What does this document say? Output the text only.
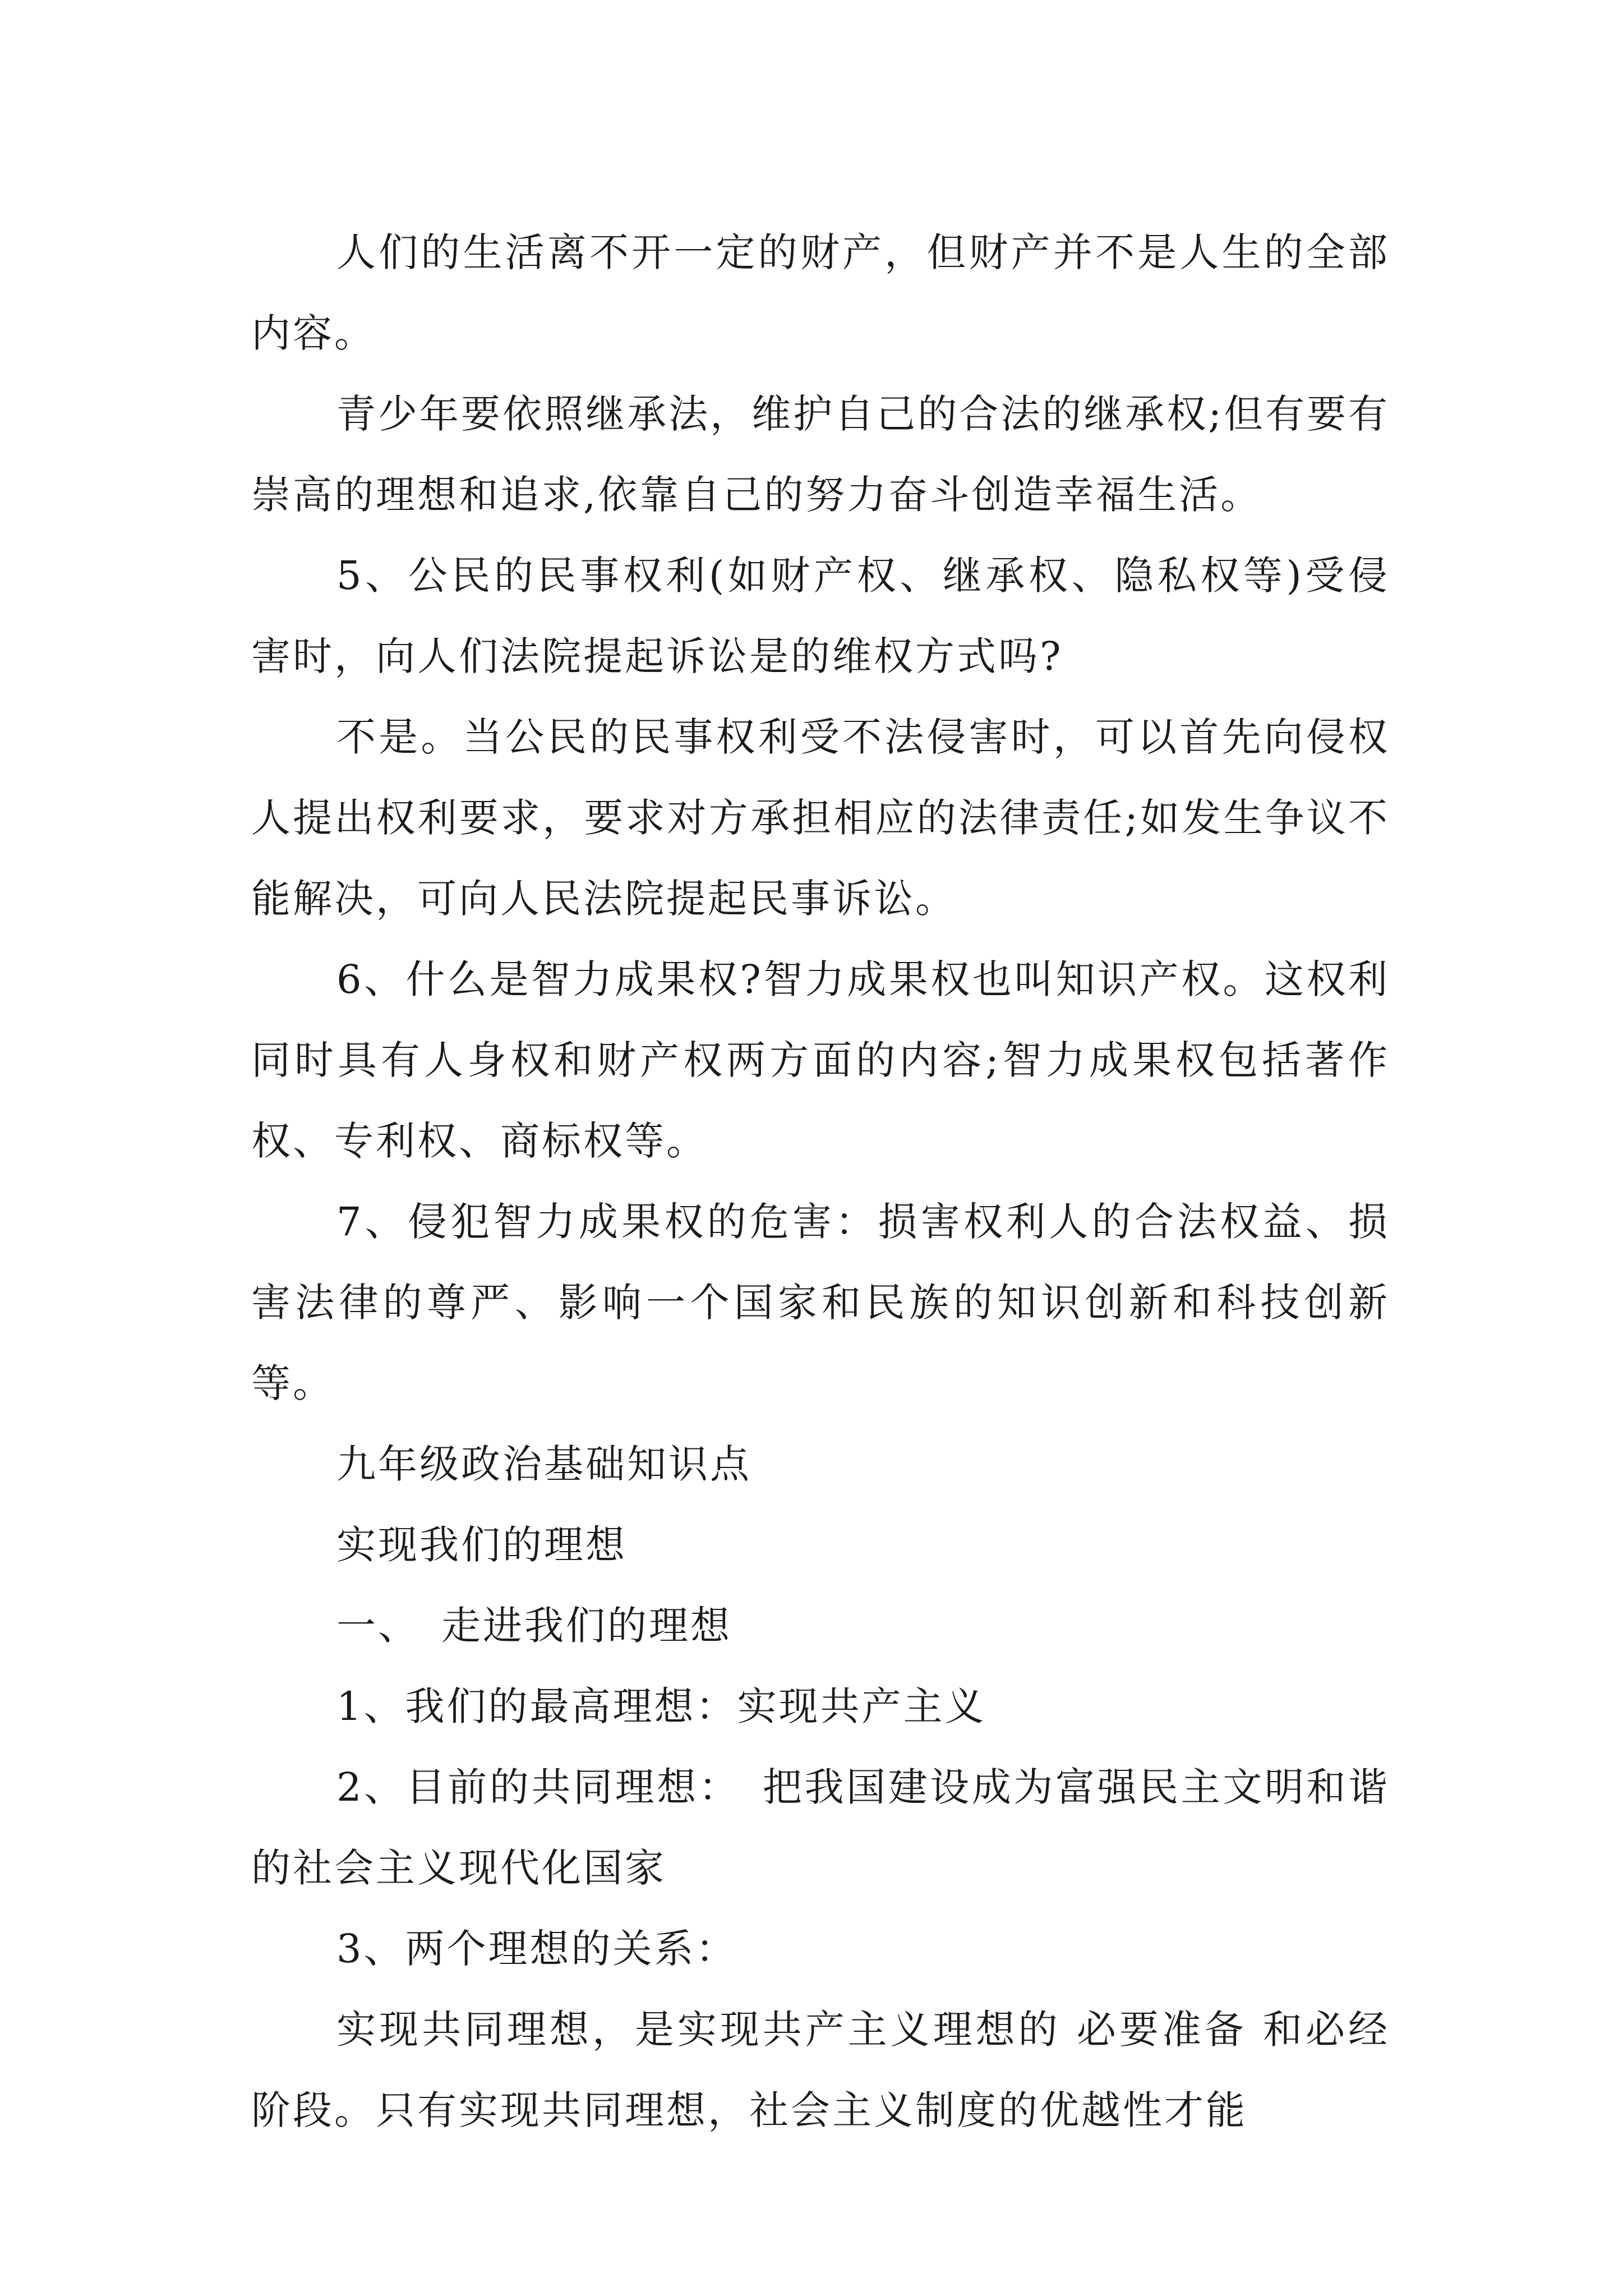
人们的生活离不开一定的财产，但财产并不是人生的全部内容。

青少年要依照继承法，维护自己的合法的继承权;但有要有崇高的理想和追求,依靠自己的努力奋斗创造幸福生活。

5、公民的民事权利(如财产权、继承权、隐私权等)受侵害时，向人们法院提起诉讼是的维权方式吗?

不是。当公民的民事权利受不法侵害时，可以首先向侵权人提出权利要求，要求对方承担相应的法律责任;如发生争议不能解决，可向人民法院提起民事诉讼。

6、什么是智力成果权?智力成果权也叫知识产权。这权利同时具有人身权和财产权两方面的内容;智力成果权包括著作权、专利权、商标权等。

7、侵犯智力成果权的危害：损害权利人的合法权益、损害法律的尊严、影响一个国家和民族的知识创新和科技创新等。

九年级政治基础知识点

实现我们的理想

一、　走进我们的理想

1、我们的最高理想：实现共产主义

2、目前的共同理想：　把我国建设成为富强民主文明和谐的社会主义现代化国家

3、两个理想的关系：

实现共同理想，是实现共产主义理想的 必要准备 和必经阶段。只有实现共同理想，社会主义制度的优越性才能
